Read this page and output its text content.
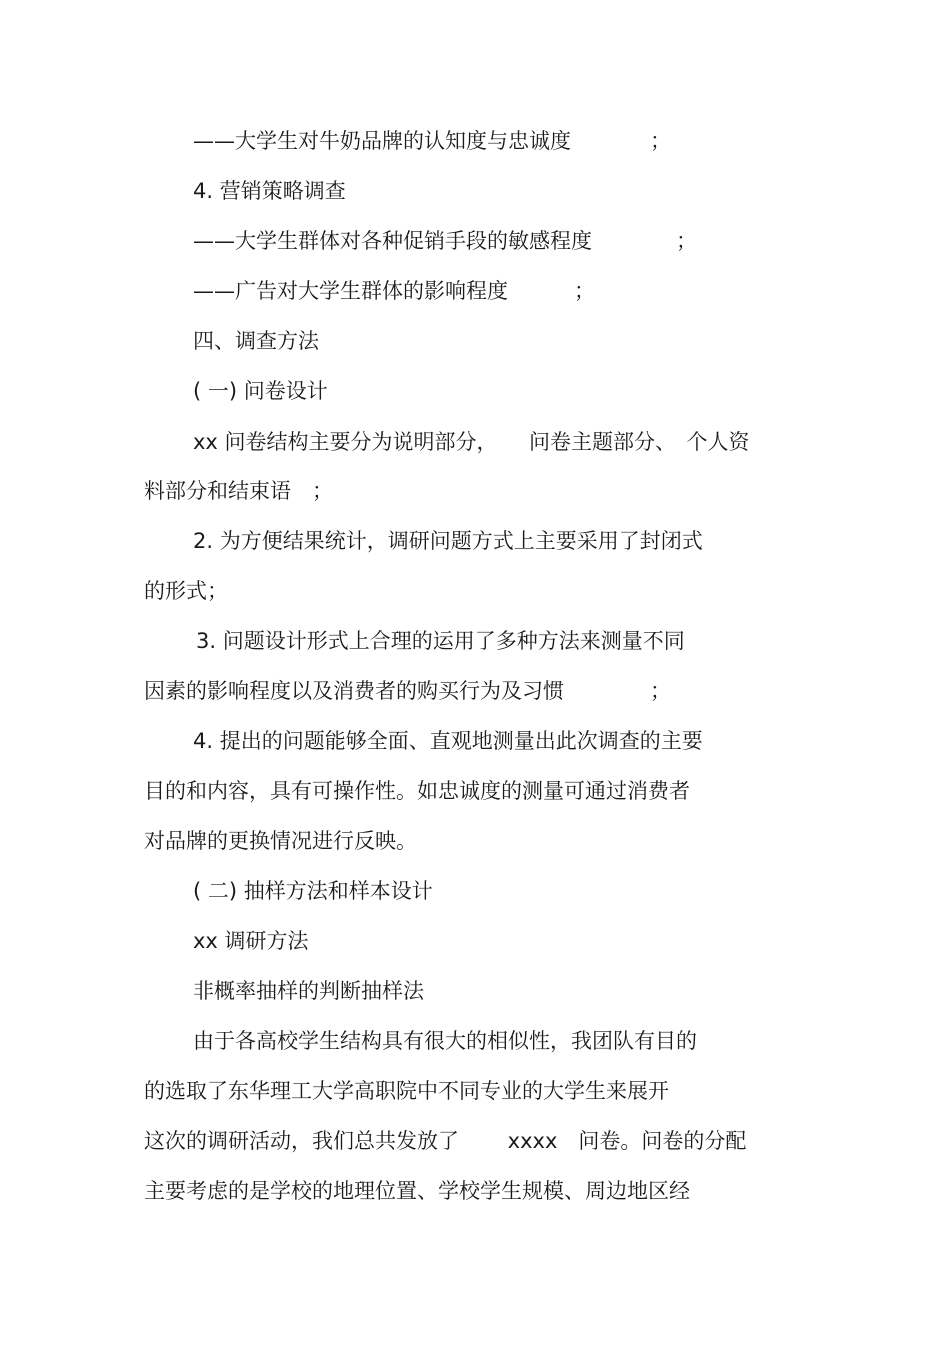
——大学生对牛奶品牌的认知度与忠诚度	；
4. 营销策略调查
——大学生群体对各种促销手段的敏感程度	；
——广告对大学生群体的影响程度	；
四、调查方法
( 一) 问卷设计
xx 问卷结构主要分为说明部分，　　问卷主题部分、　个人资
料部分和结束语　；
2. 为方便结果统计，调研问题方式上主要采用了封闭式
的形式；
3. 问题设计形式上合理的运用了多种方法来测量不同
因素的影响程度以及消费者的购买行为及习惯	；
4. 提出的问题能够全面、直观地测量出此次调查的主要
目的和内容，具有可操作性。如忠诚度的测量可通过消费者
对品牌的更换情况进行反映。
( 二) 抽样方法和样本设计
xx 调研方法
非概率抽样的判断抽样法
由于各高校学生结构具有很大的相似性，我团队有目的
的选取了东华理工大学高职院中不同专业的大学生来展开
这次的调研活动，我们总共发放了　　 xxxx　问卷。问卷的分配
主要考虑的是学校的地理位置、学校学生规模、周边地区经
